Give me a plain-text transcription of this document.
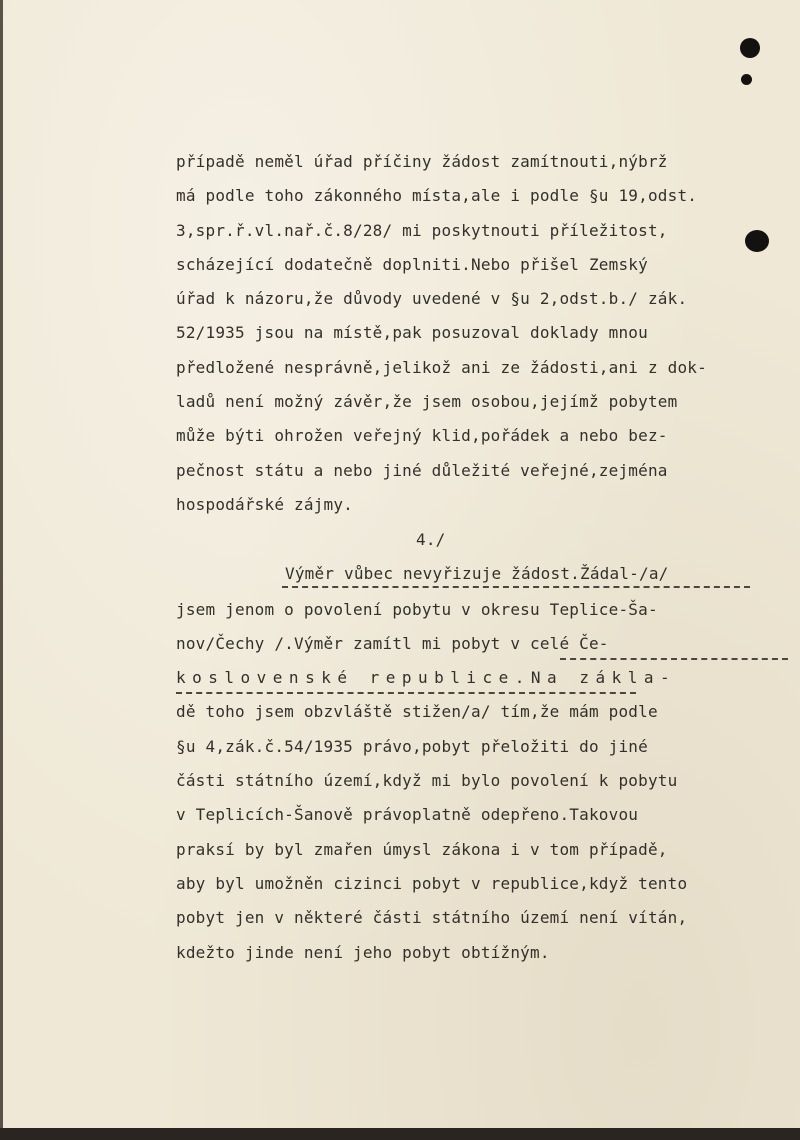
případě neměl úřad příčiny žádost zamítnouti,nýbrž

má podle toho zákonného místa,ale i podle §u 19,odst.

3,spr.ř.vl.nař.č.8/28/ mi poskytnouti příležitost,

scházející dodatečně doplniti.Nebo přišel Zemský

úřad k názoru,že důvody uvedené v §u 2,odst.b./ zák.

52/1935 jsou na místě,pak posuzoval doklady mnou

předložené nesprávně,jelikož ani ze žádosti,ani z dok-

ladů není možný závěr,že jsem osobou,jejímž pobytem

může býti ohrožen veřejný klid,pořádek a nebo bez-

pečnost státu a nebo jiné důležité veřejné,zejména

hospodářské zájmy.

4./

Výměr vůbec nevyřizuje žádost.Žádal-/a/

jsem jenom o povolení pobytu v okresu Teplice-Ša-

nov/Čechy /.Výměr zamítl mi pobyt v celé Če-

koslovenské republice.Na zákla-

dě toho jsem obzvláště stižen/a/ tím,že mám podle

§u 4,zák.č.54/1935 právo,pobyt přeložiti do jiné

části státního území,když mi bylo povolení k pobytu

v Teplicích-Šanově právoplatně odepřeno.Takovou

praksí by byl zmařen úmysl zákona i v tom případě,

aby byl umožněn cizinci pobyt v republice,když tento

pobyt jen v některé části státního území není vítán,

kdežto jinde není jeho pobyt obtížným.
